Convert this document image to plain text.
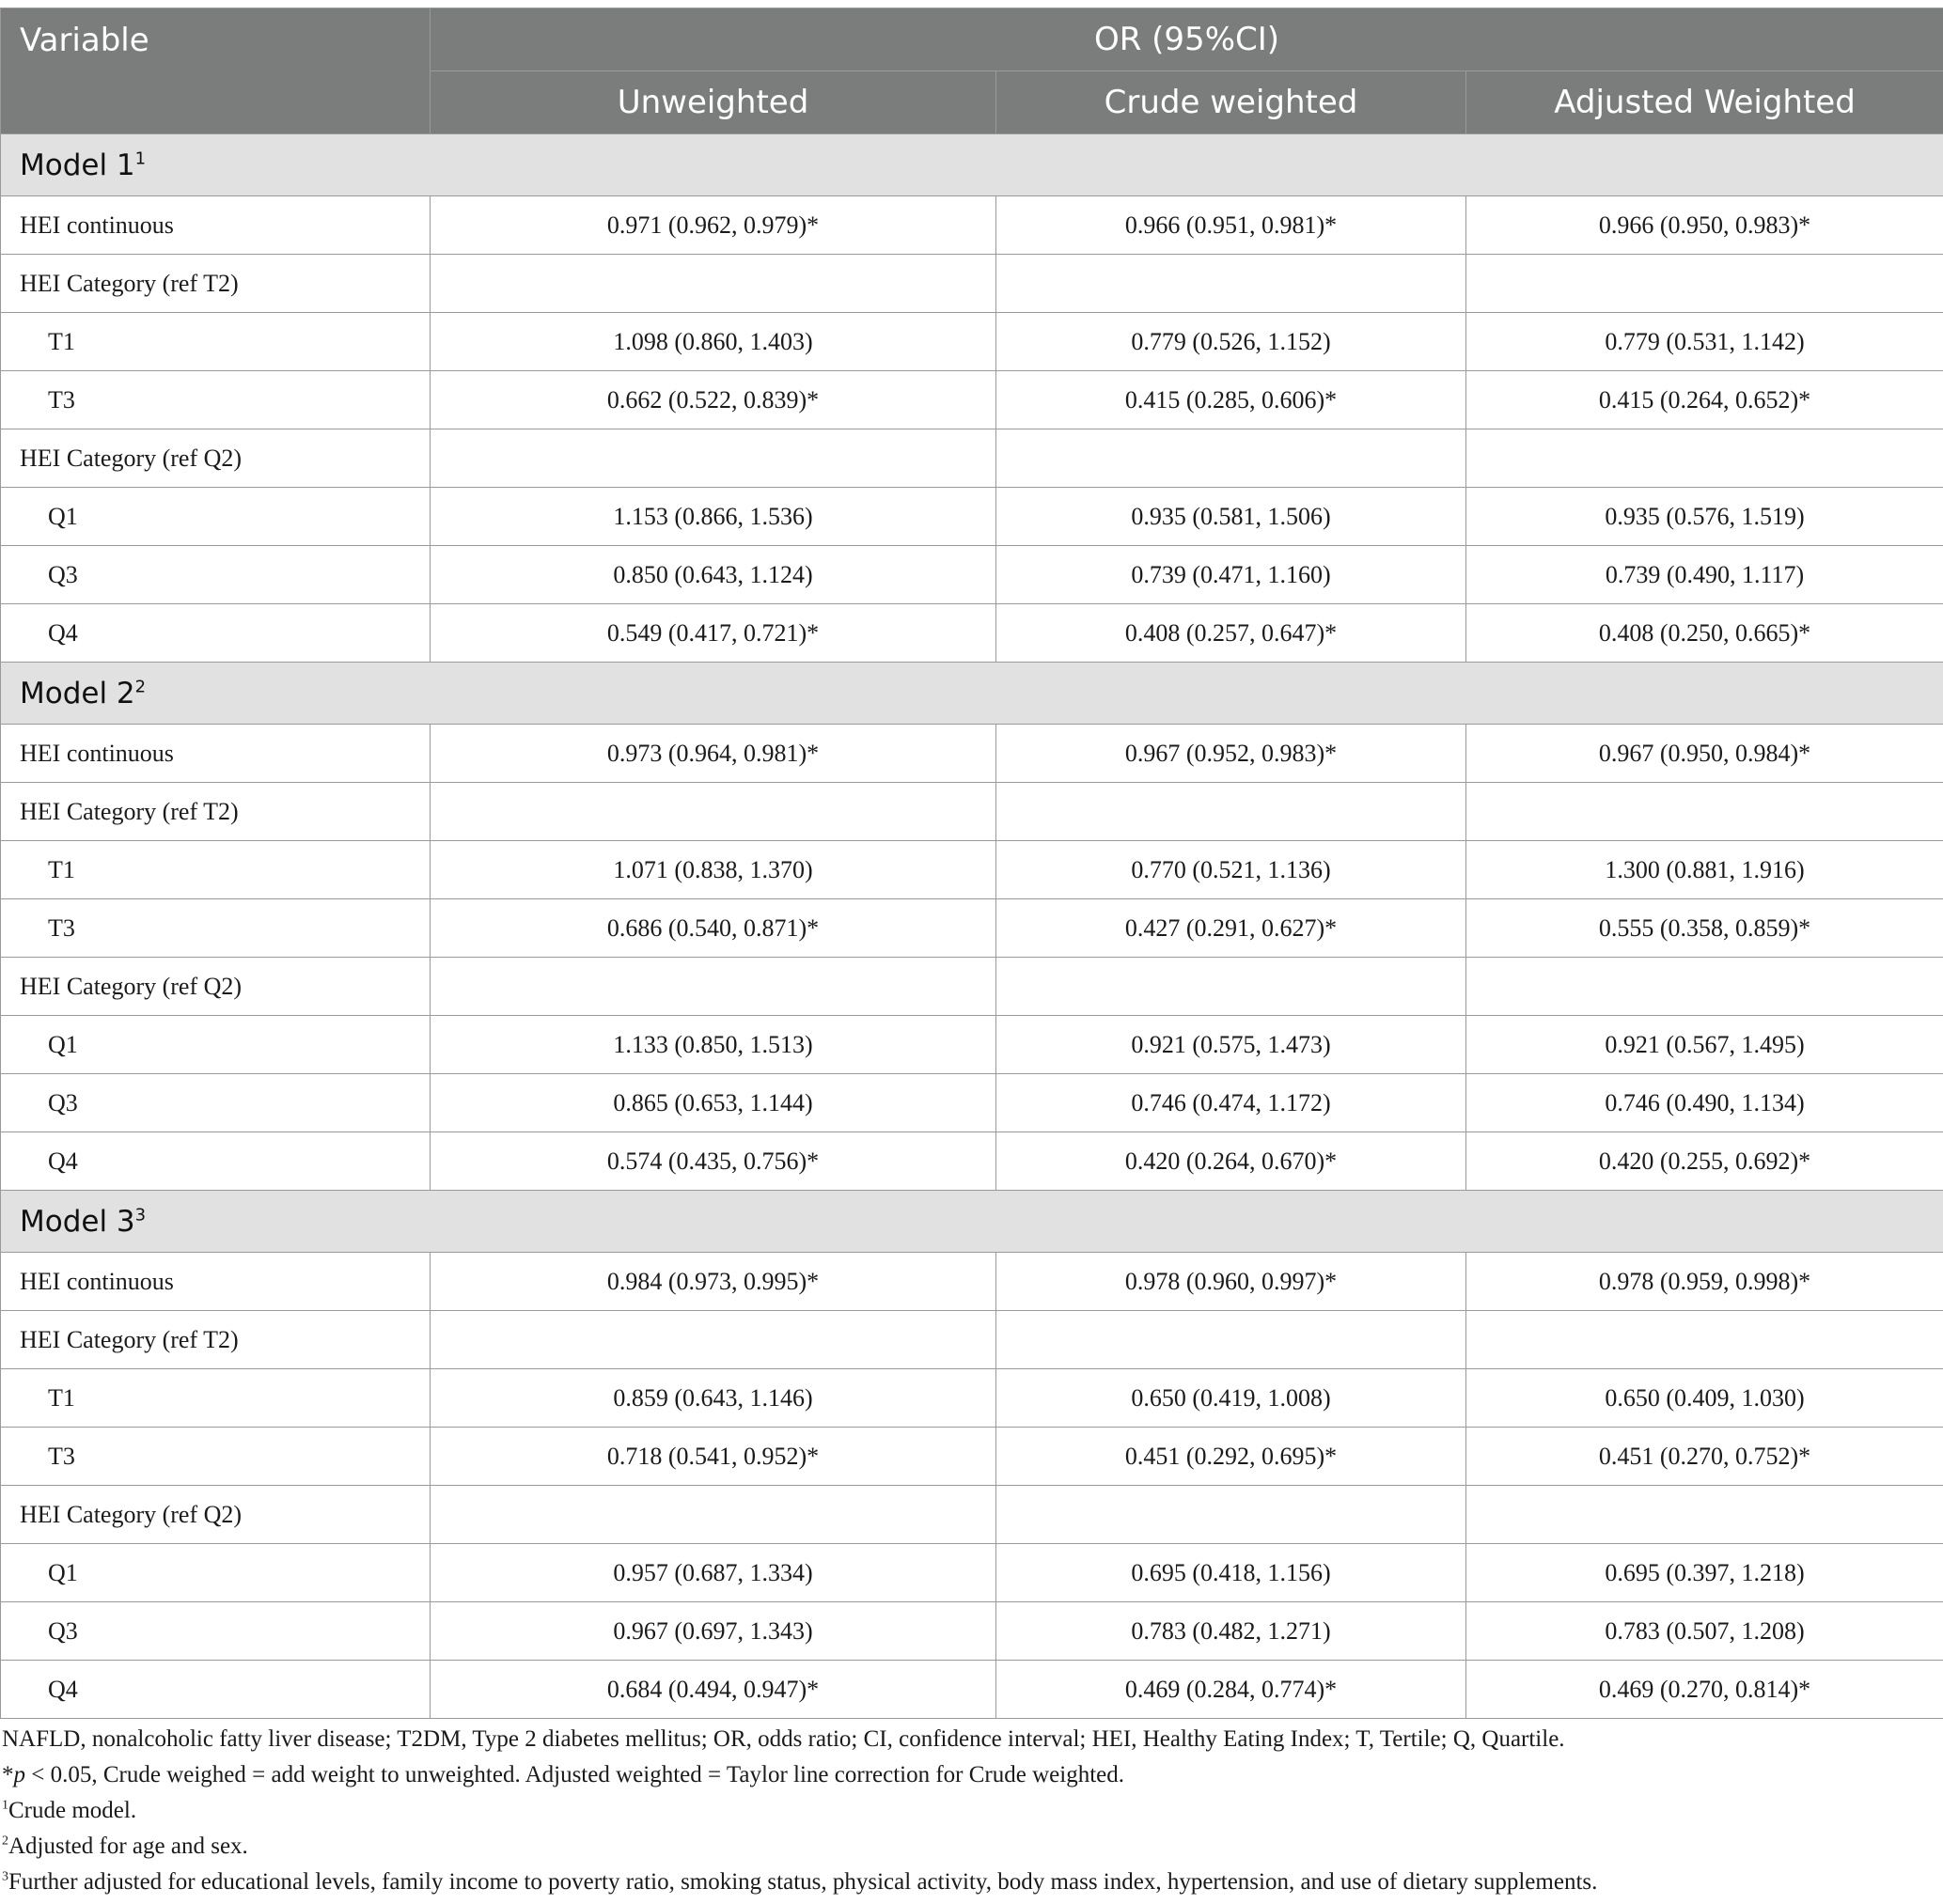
Variable	OR (95%CI)		
	Unweighted	Crude weighted	Adjusted Weighted
Model $1^1$
HEI continuous	0.971 (0.962, 0.979)*	0.966 (0.951, 0.981)*	0.966 (0.950, 0.983)*
HEI Category (ref T2)			
T1	1.098 (0.860, 1.403)	0.779 (0.526, 1.152)	0.779 (0.531, 1.142)
T3	0.662 (0.522, 0.839)*	0.415 (0.285, 0.606)*	0.415 (0.264, 0.652)*
HEI Category (ref Q2)			
Q1	1.153 (0.866, 1.536)	0.935 (0.581, 1.506)	0.935 (0.576, 1.519)
Q3	0.850 (0.643, 1.124)	0.739 (0.471, 1.160)	0.739 (0.490, 1.117)
Q4	0.549 (0.417, 0.721)*	0.408 (0.257, 0.647)*	0.408 (0.250, 0.665)*
Model $2^2$
HEI continuous	0.973 (0.964, 0.981)*	0.967 (0.952, 0.983)*	0.967 (0.950, 0.984)*
HEI Category (ref T2)			
T1	1.071 (0.838, 1.370)	0.770 (0.521, 1.136)	1.300 (0.881, 1.916)
T3	0.686 (0.540, 0.871)*	0.427 (0.291, 0.627)*	0.555 (0.358, 0.859)*
HEI Category (ref Q2)			
Q1	1.133 (0.850, 1.513)	0.921 (0.575, 1.473)	0.921 (0.567, 1.495)
Q3	0.865 (0.653, 1.144)	0.746 (0.474, 1.172)	0.746 (0.490, 1.134)
Q4	0.574 (0.435, 0.756)*	0.420 (0.264, 0.670)*	0.420 (0.255, 0.692)*
Model $3^3$
HEI continuous	0.984 (0.973, 0.995)*	0.978 (0.960, 0.997)*	0.978 (0.959, 0.998)*
HEI Category (ref T2)			
T1	0.859 (0.643, 1.146)	0.650 (0.419, 1.008)	0.650 (0.409, 1.030)
T3	0.718 (0.541, 0.952)*	0.451 (0.292, 0.695)*	0.451 (0.270, 0.752)*
HEI Category (ref Q2)			
Q1	0.957 (0.687, 1.334)	0.695 (0.418, 1.156)	0.695 (0.397, 1.218)
Q3	0.967 (0.697, 1.343)	0.783 (0.482, 1.271)	0.783 (0.507, 1.208)
Q4	0.684 (0.494, 0.947)*	0.469 (0.284, 0.774)*	0.469 (0.270, 0.814)*

NAFLD, nonalcoholic fatty liver disease; T2DM, Type 2 diabetes mellitus; OR, odds ratio; CI, confidence interval; HEI, Healthy Eating Index; T, Tertile; Q, Quartile.

*p < 0.05, Crude weighed = add weight to unweighted. Adjusted weighted = Taylor line correction for Crude weighted.

$^1$Crude model.

$^2$Adjusted for age and sex.

$^3$Further adjusted for educational levels, family income to poverty ratio, smoking status, physical activity, body mass index, hypertension, and use of dietary supplements.
